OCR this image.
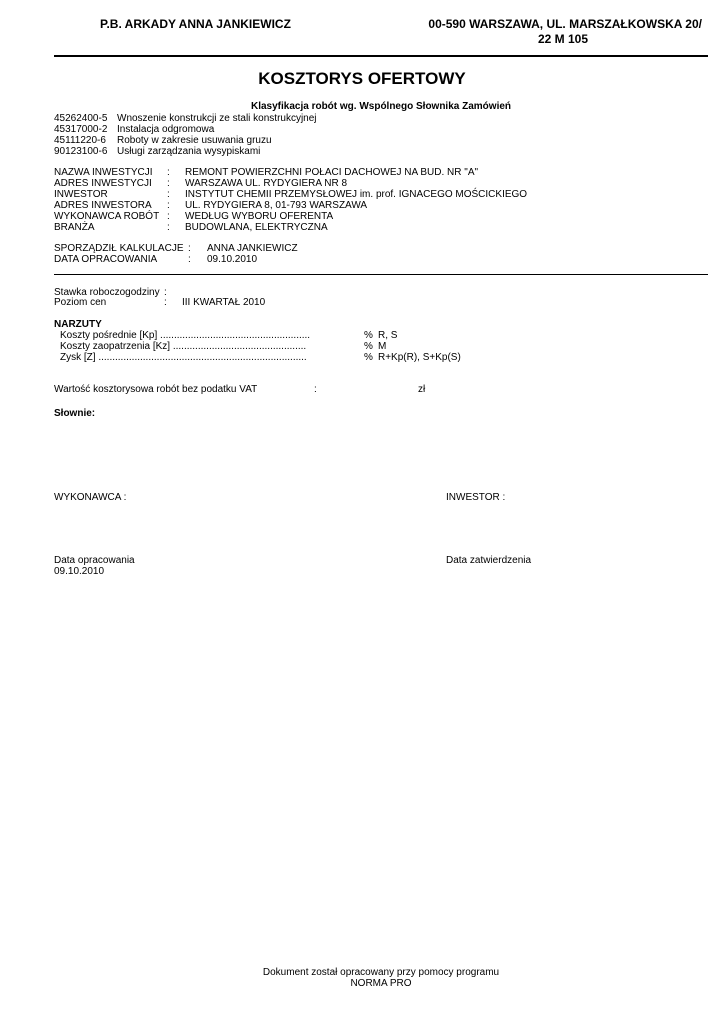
P.B. ARKADY ANNA JANKIEWICZ	00-590 WARSZAWA, UL. MARSZAŁKOWSKA 20/
22 M 105
KOSZTORYS OFERTOWY
Klasyfikacja robót wg. Wspólnego Słownika Zamówień
45262400-5 Wnoszenie konstrukcji ze stali konstrukcyjnej
45317000-2 Instalacja odgromowa
45111220-6 Roboty w zakresie usuwania gruzu
90123100-6 Usługi zarządzania wysypiskami
NAZWA INWESTYCJI : REMONT POWIERZCHNI POŁACI DACHOWEJ NA BUD. NR "A"
ADRES INWESTYCJI : WARSZAWA UL. RYDYGIERA NR 8
INWESTOR	: INSTYTUT CHEMII PRZEMYSŁOWEJ im. prof. IGNACEGO MOŚCICKIEGO
ADRES INWESTORA : UL. RYDYGIERA 8, 01-793 WARSZAWA
WYKONAWCA ROBÓT : WEDŁUG WYBORU OFERENTA
BRANŻA	: BUDOWLANA, ELEKTRYCZNA
SPORZĄDZIŁ KALKULACJE : ANNA JANKIEWICZ
DATA OPRACOWANIA	: 09.10.2010
Stawka roboczogodziny :
Poziom cen	: III KWARTAŁ 2010
NARZUTY
Koszty pośrednie [Kp] ......................................................	% R, S
Koszty zaopatrzenia [Kz] ................................................	% M
Zysk [Z] ...........................................................................	% R+Kp(R), S+Kp(S)
Wartość kosztorysowa robót bez podatku VAT	:	zł
Słownie:
WYKONAWCA :	INWESTOR :
Data opracowania
09.10.2010
Data zatwierdzenia
Dokument został opracowany przy pomocy programu
NORMA PRO
